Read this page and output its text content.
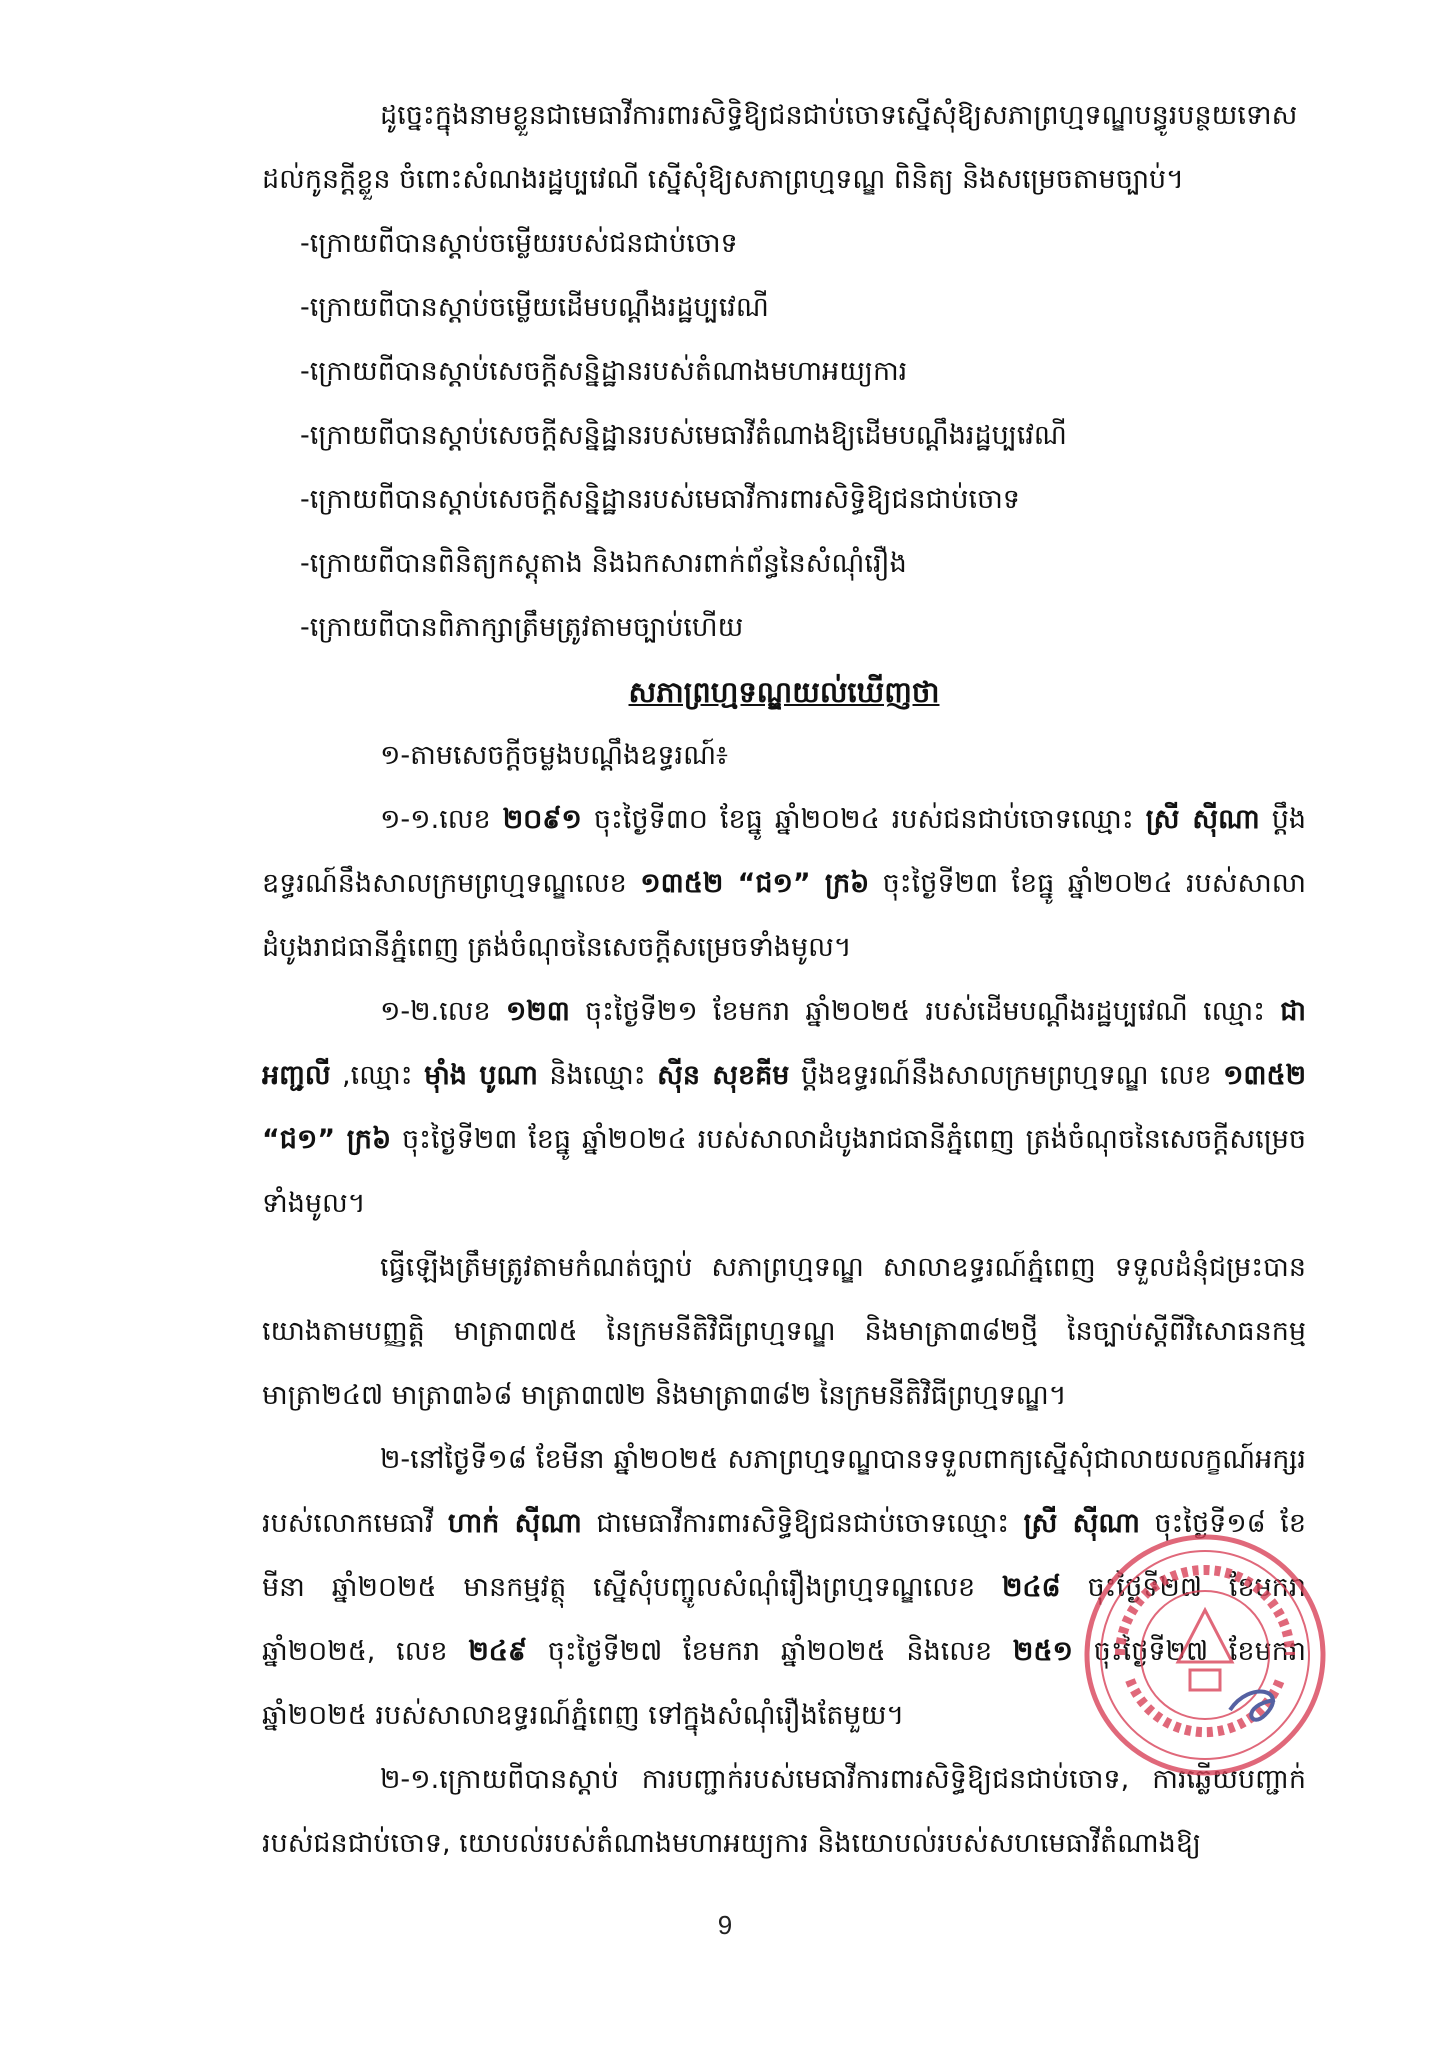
ដូច្នេះក្នុងនាមខ្លួនជាមេធាវីការពារសិទ្ធិឱ្យជនជាប់ចោទស្នើសុំឱ្យសភាព្រហ្មទណ្ឌបន្ធូរបន្ថយទោសដល់កូនក្តីខ្លួន ចំពោះសំណងរដ្ឋប្បវេណី ស្នើសុំឱ្យសភាព្រហ្មទណ្ឌ ពិនិត្យ និងសម្រេចតាមច្បាប់។

-ក្រោយពីបានស្តាប់ចម្លើយរបស់ជនជាប់ចោទ

-ក្រោយពីបានស្តាប់ចម្លើយដើមបណ្តឹងរដ្ឋប្បវេណី

-ក្រោយពីបានស្តាប់សេចក្តីសន្និដ្ឋានរបស់តំណាងមហាអយ្យការ

-ក្រោយពីបានស្តាប់សេចក្តីសន្និដ្ឋានរបស់មេធាវីតំណាងឱ្យដើមបណ្តឹងរដ្ឋប្បវេណី

-ក្រោយពីបានស្តាប់សេចក្តីសន្និដ្ឋានរបស់មេធាវីការពារសិទ្ធិឱ្យជនជាប់ចោទ

-ក្រោយពីបានពិនិត្យកស្តុតាង និងឯកសារពាក់ព័ន្ធនៃសំណុំរឿង

-ក្រោយពីបានពិភាក្សាត្រឹមត្រូវតាមច្បាប់ហើយ

សភាព្រហ្មទណ្ឌយល់ឃើញថា

១-តាមសេចក្តីចម្លងបណ្តឹងឧទ្ធរណ៍៖

១-១.លេខ ២០៩១ ចុះថ្ងៃទី៣០ ខែធ្នូ ឆ្នាំ២០២៤ របស់ជនជាប់ចោទឈ្មោះ ស្រី ស៊ីណា ប្តឹងឧទ្ធរណ៍នឹងសាលក្រមព្រហ្មទណ្ឌលេខ ១៣៥២ “ជ១” ក្រ៦ ចុះថ្ងៃទី២៣ ខែធ្នូ ឆ្នាំ២០២៤ របស់សាលាដំបូងរាជធានីភ្នំពេញ ត្រង់ចំណុចនៃសេចក្តីសម្រេចទាំងមូល។

១-២.លេខ ១២៣ ចុះថ្ងៃទី២១ ខែមករា ឆ្នាំ២០២៥ របស់ដើមបណ្តឹងរដ្ឋប្បវេណី ឈ្មោះ ជា អញ្ជលី ,ឈ្មោះ ម៉ាំង បូណា និងឈ្មោះ ស៊ីន សុខគីម ប្តឹងឧទ្ធរណ៍នឹងសាលក្រមព្រហ្មទណ្ឌ លេខ ១៣៥២ “ជ១” ក្រ៦ ចុះថ្ងៃទី២៣ ខែធ្នូ ឆ្នាំ២០២៤ របស់សាលាដំបូងរាជធានីភ្នំពេញ ត្រង់ចំណុចនៃសេចក្តីសម្រេចទាំងមូល។

ធ្វើឡើងត្រឹមត្រូវតាមកំណត់ច្បាប់ សភាព្រហ្មទណ្ឌ សាលាឧទ្ធរណ៍ភ្នំពេញ ទទួលដំនុំជម្រះបាន យោងតាមបញ្ញត្តិ មាត្រា៣៧៥ នៃក្រមនីតិវិធីព្រហ្មទណ្ឌ និងមាត្រា៣៨២ថ្មី នៃច្បាប់ស្តីពីវិសោធនកម្ម មាត្រា២៤៧ មាត្រា៣៦៨ មាត្រា៣៧២ និងមាត្រា៣៨២ នៃក្រមនីតិវិធីព្រហ្មទណ្ឌ។

២-នៅថ្ងៃទី១៨ ខែមីនា ឆ្នាំ២០២៥ សភាព្រហ្មទណ្ឌបានទទួលពាក្យស្នើសុំជាលាយលក្ខណ៍អក្សរ របស់លោកមេធាវី ហាក់ ស៊ីណា ជាមេធាវីការពារសិទ្ធិឱ្យជនជាប់ចោទឈ្មោះ ស្រី ស៊ីណា ចុះថ្ងៃទី១៨ ខែមីនា ឆ្នាំ២០២៥ មានកម្មវត្ថុ ស្នើសុំបញ្ចូលសំណុំរឿងព្រហ្មទណ្ឌលេខ ២៤៨ ចុះថ្ងៃទី២៧ ខែមករា ឆ្នាំ២០២៥, លេខ ២៤៩ ចុះថ្ងៃទី២៧ ខែមករា ឆ្នាំ២០២៥ និងលេខ ២៥១ ចុះថ្ងៃទី២៧ ខែមករា ឆ្នាំ២០២៥ របស់សាលាឧទ្ធរណ៍ភ្នំពេញ ទៅក្នុងសំណុំរឿងតែមួយ។

២-១.ក្រោយពីបានស្តាប់ ការបញ្ជាក់របស់មេធាវីការពារសិទ្ធិឱ្យជនជាប់ចោទ, ការឆ្លើយបញ្ជាក់របស់ជនជាប់ចោទ, យោបល់របស់តំណាងមហាអយ្យការ និងយោបល់របស់សហមេធាវីតំណាងឱ្យ

9
